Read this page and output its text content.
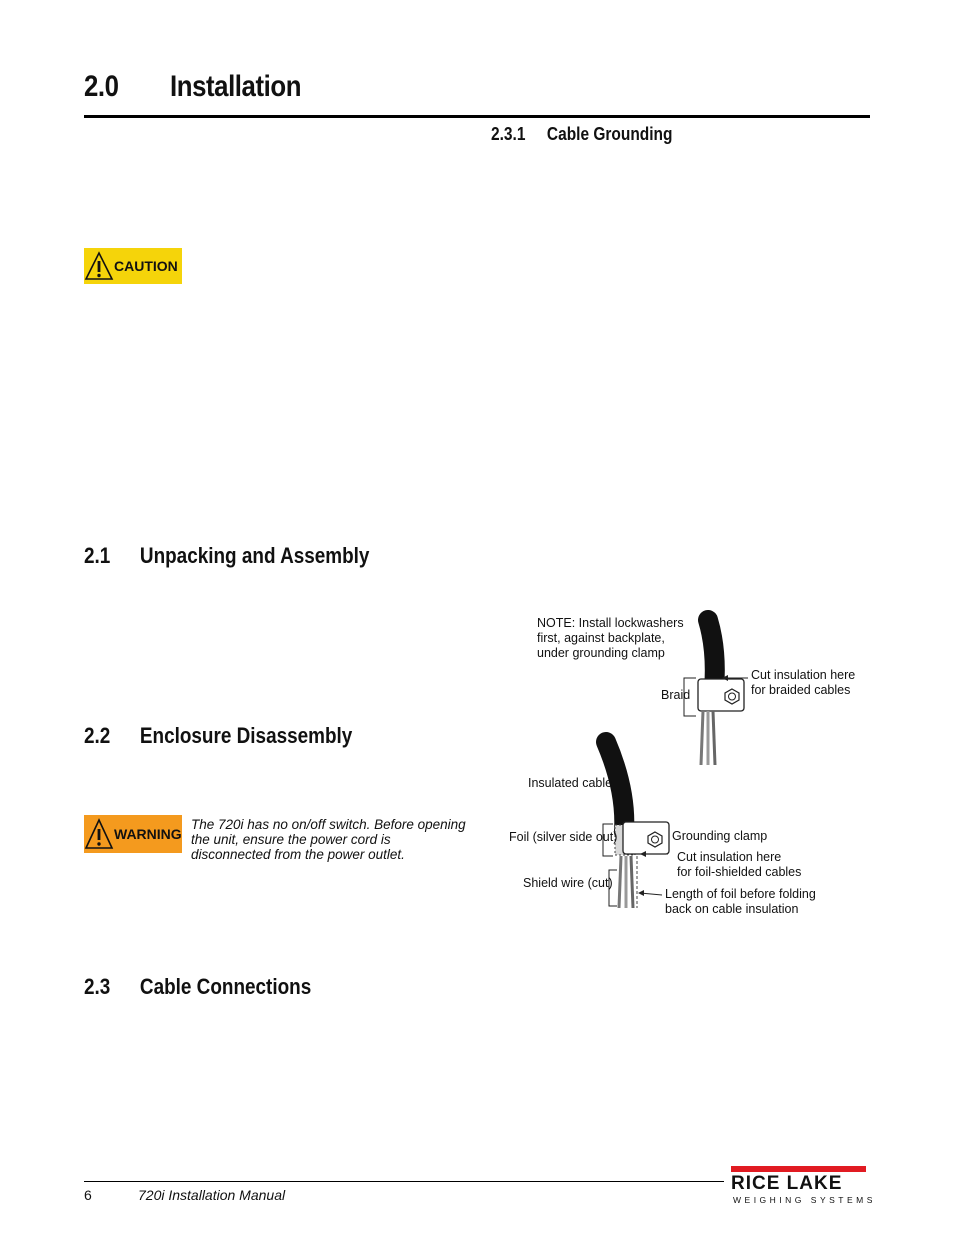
2.0 Installation
2.3.1 Cable Grounding
CAUTION
2.1 Unpacking and Assembly
2.2 Enclosure Disassembly
WARNING
The 720i has no on/off switch. Before opening the unit, ensure the power cord is disconnected from the power outlet.
2.3 Cable Connections
NOTE: Install lockwashers
first, against backplate,
under grounding clamp
Braid
Cut insulation here
for braided cables
Insulated cable
Foil (silver side out)	Grounding clamp
Cut insulation here
for foil-shielded cables
Shield wire (cut)
Length of foil before folding
back on cable insulation
6	720i Installation Manual
RICE LAKE
WEIGHING SYSTEMS
